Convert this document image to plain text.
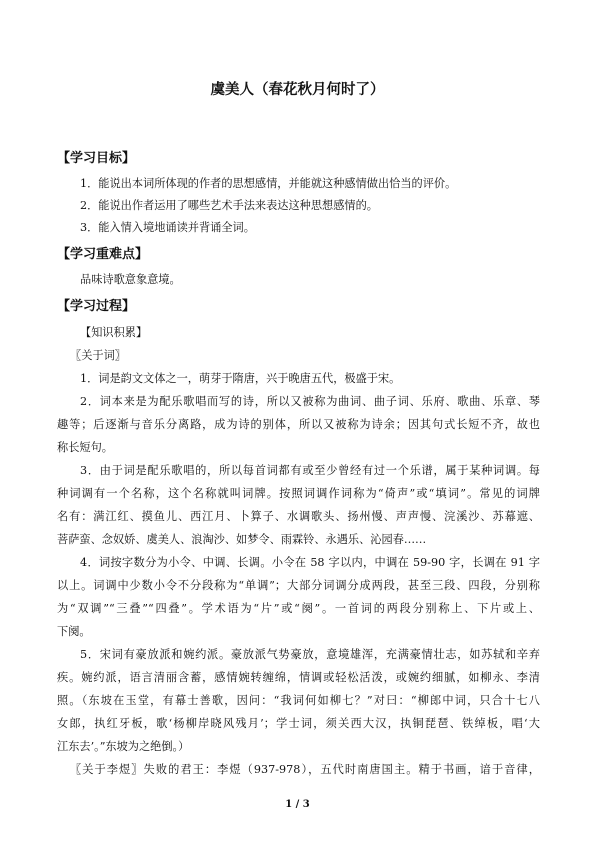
虞美人（春花秋月何时了）
【学习目标】
1．能说出本词所体现的作者的思想感情，并能就这种感情做出恰当的评价。
2．能说出作者运用了哪些艺术手法来表达这种思想感情的。
3．能入情入境地诵读并背诵全词。
【学习重难点】
品味诗歌意象意境。
【学习过程】
【知识积累】
〖关于词〗
1．词是韵文文体之一，萌芽于隋唐，兴于晚唐五代，极盛于宋。
2．词本来是为配乐歌唱而写的诗，所以又被称为曲词、曲子词、乐府、歌曲、乐章、琴
趣等；后逐渐与音乐分离路，成为诗的别体，所以又被称为诗余；因其句式长短不齐，故也
称长短句。
3．由于词是配乐歌唱的，所以每首词都有或至少曾经有过一个乐谱，属于某种词调。每
种词调有一个名称，这个名称就叫词牌。按照词调作词称为“倚声”或“填词”。常见的词牌
名有：满江红、摸鱼儿、西江月、卜算子、水调歌头、扬州慢、声声慢、浣溪沙、苏幕遮、
菩萨蛮、念奴娇、虞美人、浪淘沙、如梦令、雨霖铃、永遇乐、沁园春……
4．词按字数分为小令、中调、长调。小令在 58 字以内，中调在 59-90 字，长调在 91 字
以上。词调中少数小令不分段称为“单调”；大部分词调分成两段，甚至三段、四段，分别称
为“双调”“三叠”“四叠”。学术语为“片”或“阕”。一首词的两段分别称上、下片或上、
下阕。
5．宋词有豪放派和婉约派。豪放派气势豪放，意境雄浑，充满豪情壮志，如苏轼和辛弃
疾。婉约派，语言清丽含蓄，感情婉转缠绵，情调或轻松活泼，或婉约细腻，如柳永、李清
照。（东坡在玉堂，有幕士善歌，因问：“我词何如柳七？”对曰：“柳郎中词，只合十七八
女郎，执红牙板，歌‘杨柳岸晓风残月’；学士词，须关西大汉，执铜琵琶、铁绰板，唱‘大
江东去’。”东坡为之绝倒。）
〖关于李煜〗失败的君王：李煜（937-978），五代时南唐国主。精于书画，谙于音律，
1 / 3
